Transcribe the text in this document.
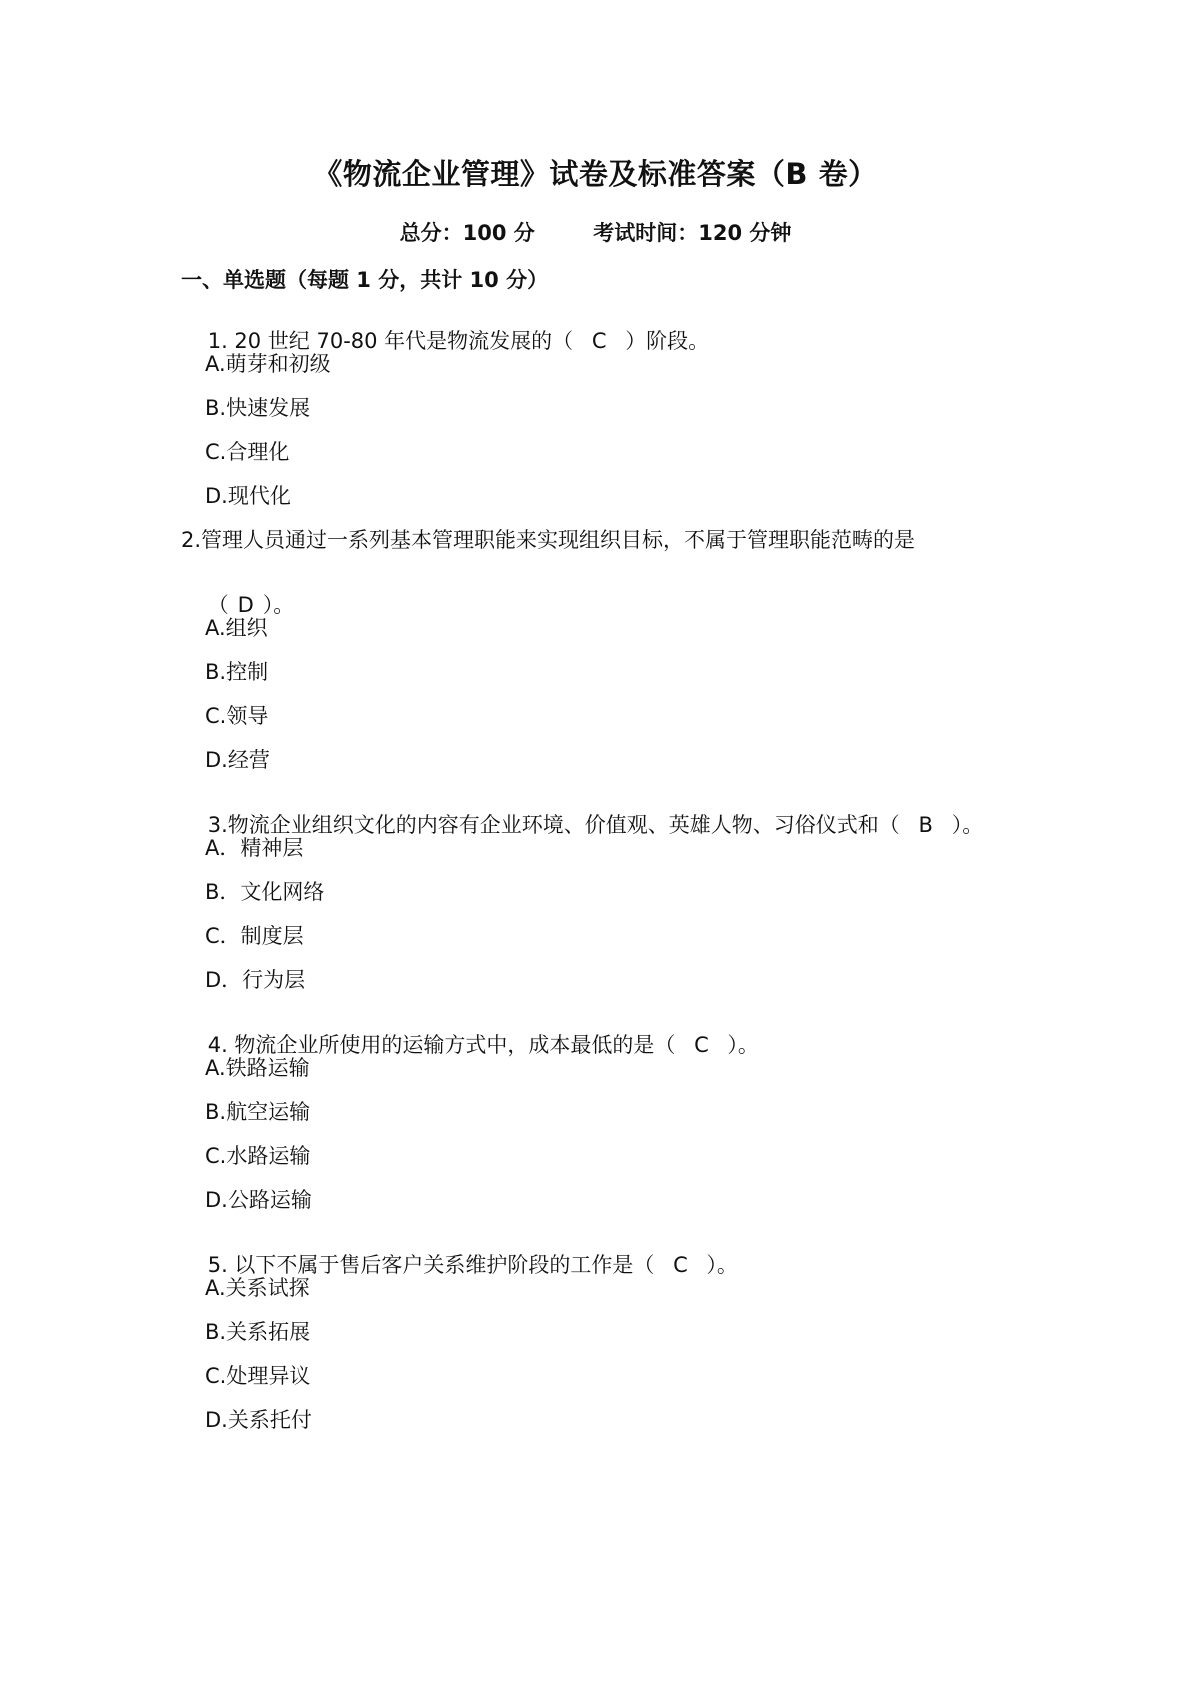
《物流企业管理》试卷及标准答案（B 卷）
总分：100 分        考试时间：120 分钟
一、单选题（每题 1 分，共计 10 分）

1. 20 世纪 70-80 年代是物流发展的（ C ）阶段。

A.萌芽和初级
B.快速发展
C.合理化
D.现代化
2.管理人员通过一系列基本管理职能来实现组织目标，不属于管理职能范畴的是

（ D ）。

A.组织
B.控制
C.领导
D.经营

3.物流企业组织文化的内容有企业环境、价值观、英雄人物、习俗仪式和（ B ）。

A．精神层
B．文化网络
C．制度层
D．行为层

4. 物流企业所使用的运输方式中，成本最低的是（ C ）。

A.铁路运输
B.航空运输
C.水路运输
D.公路运输

5. 以下不属于售后客户关系维护阶段的工作是（ C ）。

A.关系试探
B.关系拓展
C.处理异议
D.关系托付
